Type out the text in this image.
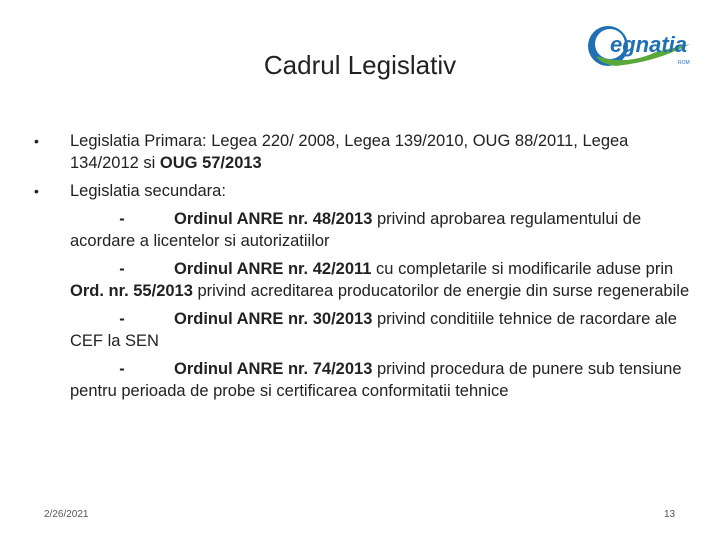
Cadrul Legislativ
egnatia
ROM
• Legislatia Primara: Legea 220/ 2008, Legea 139/2010, OUG 88/2011, Legea 134/2012 si OUG 57/2013
• Legislatia secundara:
-	Ordinul ANRE nr. 48/2013 privind aprobarea regulamentului de acordare a licentelor si autorizatiilor
-	Ordinul ANRE nr. 42/2011 cu completarile si modificarile aduse prin Ord. nr. 55/2013 privind acreditarea producatorilor de energie din surse regenerabile
-	Ordinul ANRE nr. 30/2013 privind conditiile tehnice de racordare ale CEF la SEN
-	Ordinul ANRE nr. 74/2013 privind procedura de punere sub tensiune pentru perioada de probe si certificarea conformitatii tehnice
2/26/2021	13
